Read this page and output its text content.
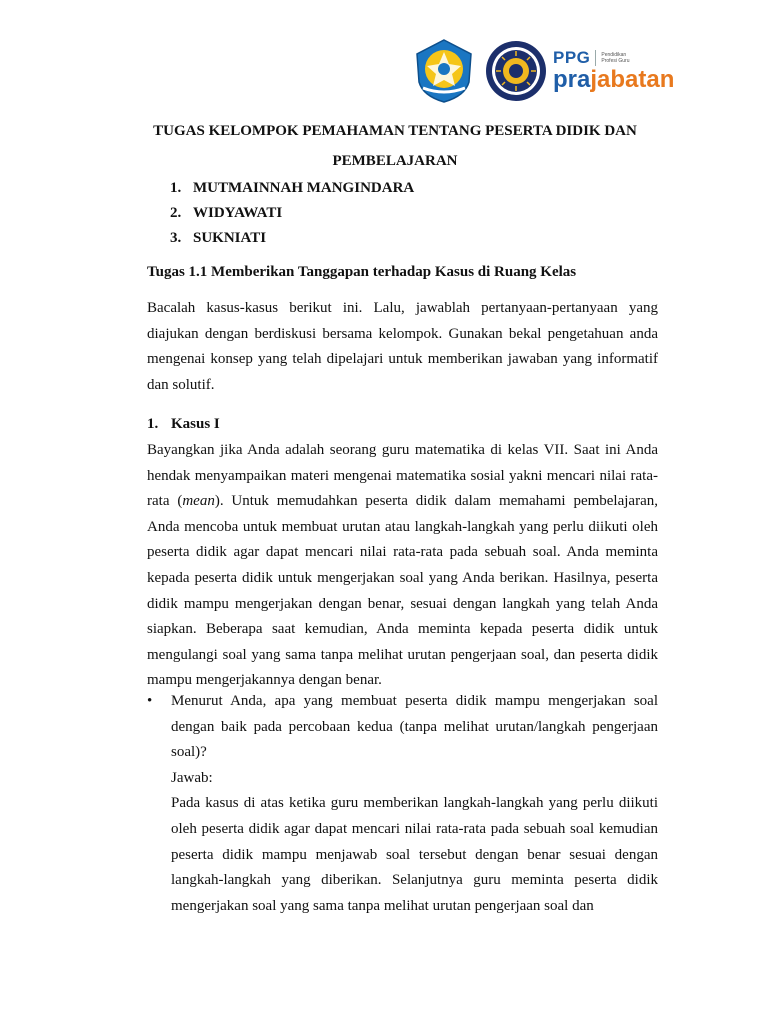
PPG Pendidikan Profesi Guru
prajabatan
TUGAS KELOMPOK PEMAHAMAN TENTANG PESERTA DIDIK DAN PEMBELAJARAN
1. MUTMAINNAH MANGINDARA
2. WIDYAWATI
3. SUKNIATI
Tugas 1.1 Memberikan Tanggapan terhadap Kasus di Ruang Kelas

Bacalah kasus-kasus berikut ini. Lalu, jawablah pertanyaan-pertanyaan yang diajukan dengan berdiskusi bersama kelompok. Gunakan bekal pengetahuan anda mengenai konsep yang telah dipelajari untuk memberikan jawaban yang informatif dan solutif.

1. Kasus I

Bayangkan jika Anda adalah seorang guru matematika di kelas VII. Saat ini Anda hendak menyampaikan materi mengenai matematika sosial yakni mencari nilai rata-rata (mean). Untuk memudahkan peserta didik dalam memahami pembelajaran, Anda mencoba untuk membuat urutan atau langkah-langkah yang perlu diikuti oleh peserta didik agar dapat mencari nilai rata-rata pada sebuah soal. Anda meminta kepada peserta didik untuk mengerjakan soal yang Anda berikan. Hasilnya, peserta didik mampu mengerjakan dengan benar, sesuai dengan langkah yang telah Anda siapkan. Beberapa saat kemudian, Anda meminta kepada peserta didik untuk mengulangi soal yang sama tanpa melihat urutan pengerjaan soal, dan peserta didik mampu mengerjakannya dengan benar.

• Menurut Anda, apa yang membuat peserta didik mampu mengerjakan soal dengan baik pada percobaan kedua (tanpa melihat urutan/langkah pengerjaan soal)?

Jawab:

Pada kasus di atas ketika guru memberikan langkah-langkah yang perlu diikuti oleh peserta didik agar dapat mencari nilai rata-rata pada sebuah soal kemudian peserta didik mampu menjawab soal tersebut dengan benar sesuai dengan langkah-langkah yang diberikan. Selanjutnya guru meminta peserta didik mengerjakan soal yang sama tanpa melihat urutan pengerjaan soal dan
